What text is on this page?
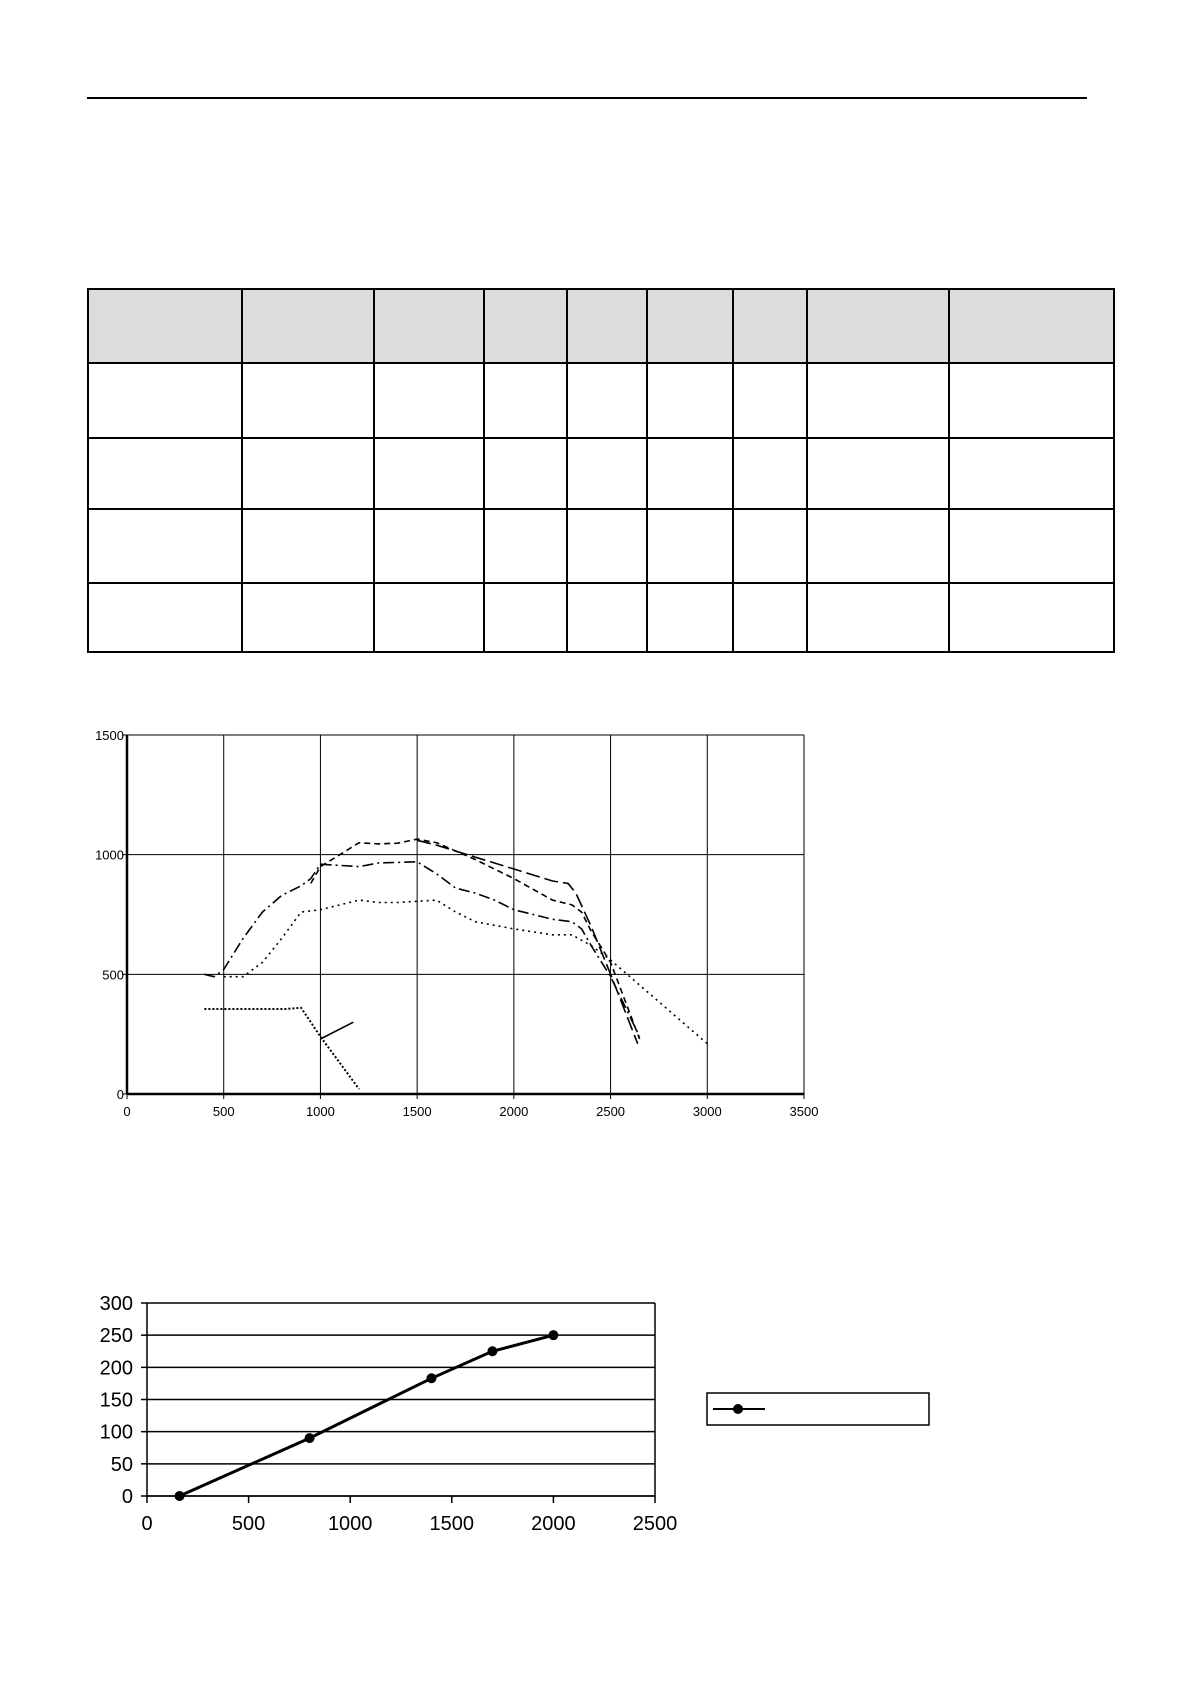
0	500	1000	1500	2000	2500	3000	3500
0
500
1000
1500
0
50
100
150
200
250
300
0	500	1000	1500	2000	2500
